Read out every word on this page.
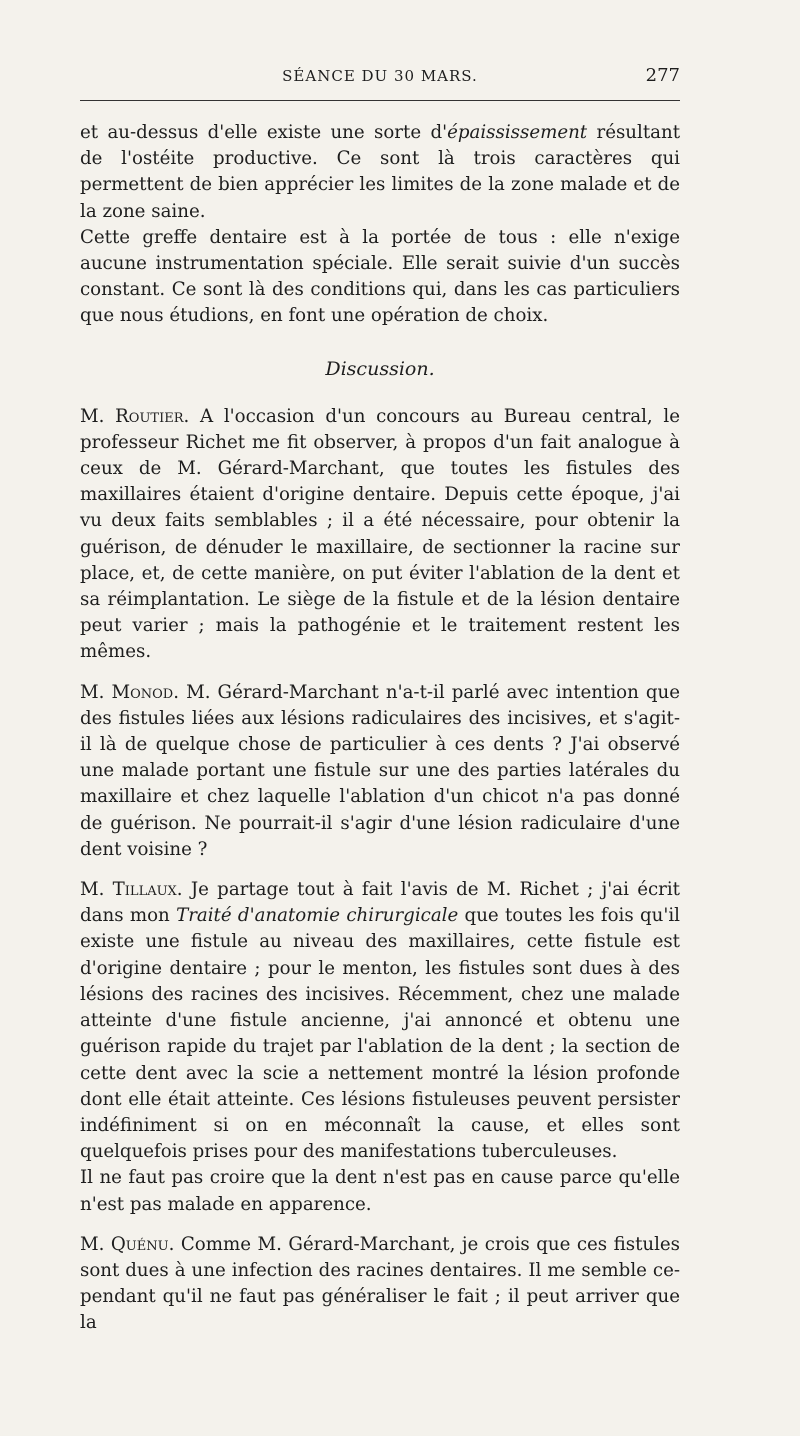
SÉANCE DU 30 MARS.	277

et au-dessus d'elle existe une sorte d'épaississement résultant de l'ostéite productive. Ce sont là trois caractères qui permettent de bien apprécier les limites de la zone malade et de la zone saine.

Cette greffe dentaire est à la portée de tous : elle n'exige aucune instrumentation spéciale. Elle serait suivie d'un succès constant. Ce sont là des conditions qui, dans les cas particuliers que nous étudions, en font une opération de choix.

Discussion.

M. Routier. A l'occasion d'un concours au Bureau central, le professeur Richet me fit observer, à propos d'un fait analogue à ceux de M. Gérard-Marchant, que toutes les fistules des maxillaires étaient d'origine dentaire. Depuis cette époque, j'ai vu deux faits semblables ; il a été nécessaire, pour obtenir la guérison, de dénuder le maxillaire, de sectionner la racine sur place, et, de cette manière, on put éviter l'ablation de la dent et sa réimplantation. Le siège de la fistule et de la lésion dentaire peut varier ; mais la pathogénie et le traitement restent les mêmes.

M. Monod. M. Gérard-Marchant n'a-t-il parlé avec intention que des fistules liées aux lésions radiculaires des incisives, et s'agit-il là de quelque chose de particulier à ces dents ? J'ai observé une malade portant une fistule sur une des parties latérales du maxillaire et chez laquelle l'ablation d'un chicot n'a pas donné de guérison. Ne pourrait-il s'agir d'une lésion radiculaire d'une dent voisine ?

M. Tillaux. Je partage tout à fait l'avis de M. Richet ; j'ai écrit dans mon Traité d'anatomie chirurgicale que toutes les fois qu'il existe une fistule au niveau des maxillaires, cette fistule est d'origine dentaire ; pour le menton, les fistules sont dues à des lésions des racines des incisives. Récemment, chez une malade atteinte d'une fistule ancienne, j'ai annoncé et obtenu une guérison rapide du trajet par l'ablation de la dent ; la section de cette dent avec la scie a nettement montré la lésion profonde dont elle était atteinte. Ces lésions fistuleuses peuvent persister indéfiniment si on en méconnaît la cause, et elles sont quelquefois prises pour des manifestations tuberculeuses.

Il ne faut pas croire que la dent n'est pas en cause parce qu'elle n'est pas malade en apparence.

M. Quénu. Comme M. Gérard-Marchant, je crois que ces fistules sont dues à une infection des racines dentaires. Il me semble cependant qu'il ne faut pas généraliser le fait ; il peut arriver que la
